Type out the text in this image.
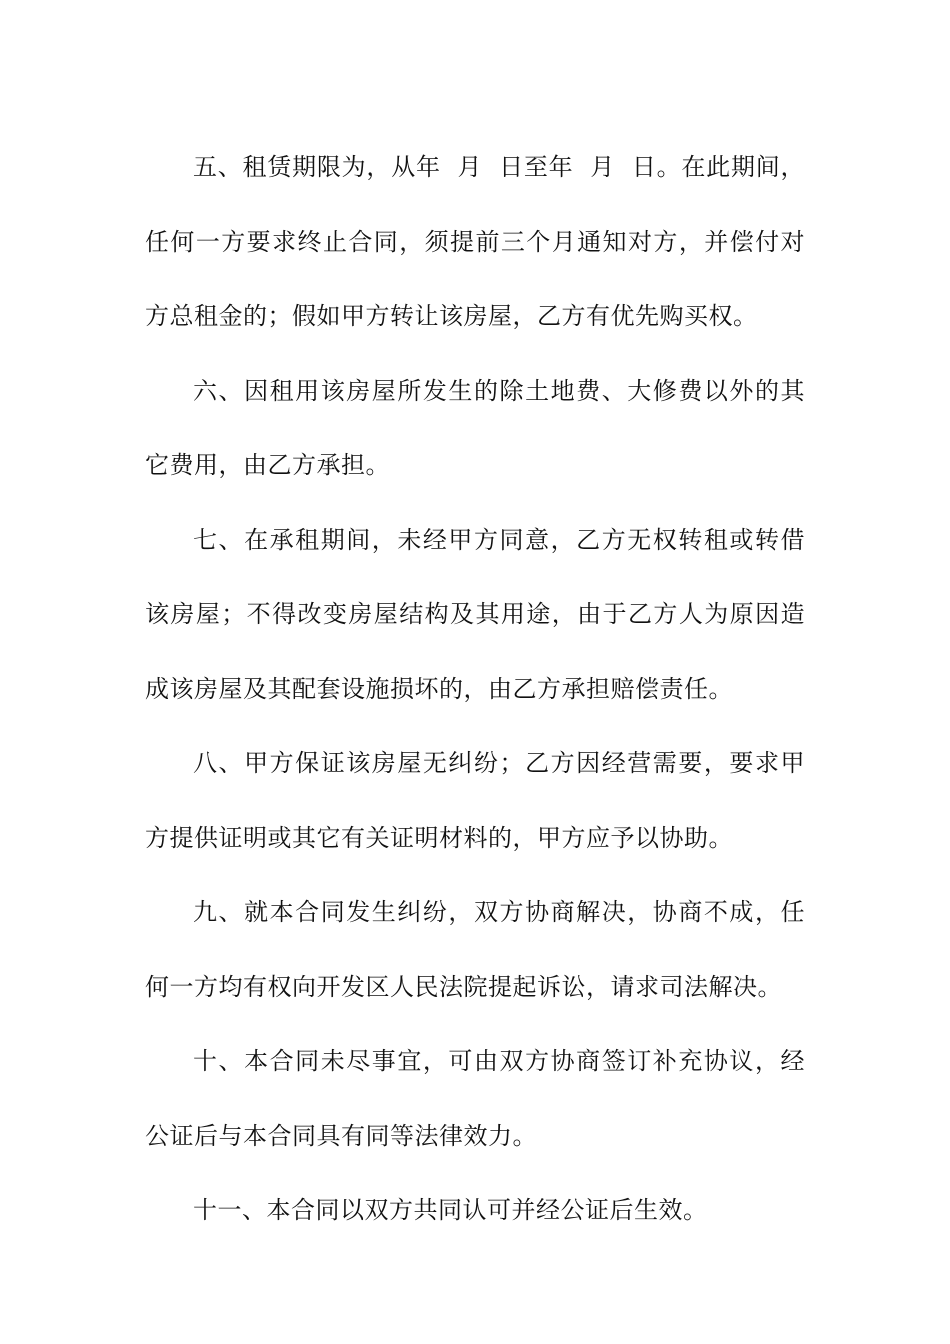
五、租赁期限为，从年  月  日至年  月  日。在此期间，任何一方要求终止合同，须提前三个月通知对方，并偿付对方总租金的；假如甲方转让该房屋，乙方有优先购买权。

六、因租用该房屋所发生的除土地费、大修费以外的其它费用，由乙方承担。

七、在承租期间，未经甲方同意，乙方无权转租或转借该房屋；不得改变房屋结构及其用途，由于乙方人为原因造成该房屋及其配套设施损坏的，由乙方承担赔偿责任。

八、甲方保证该房屋无纠纷；乙方因经营需要，要求甲方提供证明或其它有关证明材料的，甲方应予以协助。

九、就本合同发生纠纷，双方协商解决，协商不成，任何一方均有权向开发区人民法院提起诉讼，请求司法解决。

十、本合同未尽事宜，可由双方协商签订补充协议，经公证后与本合同具有同等法律效力。

十一、本合同以双方共同认可并经公证后生效。
